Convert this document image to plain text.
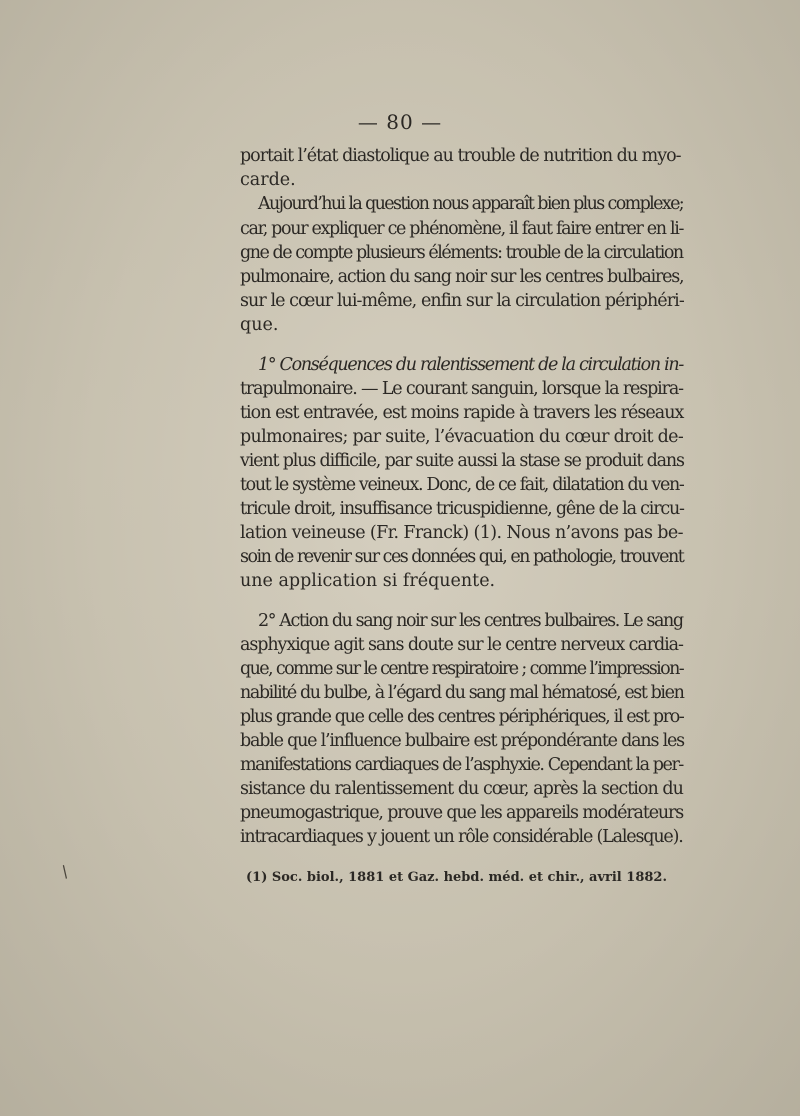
— 80 —
portait l’état diastolique au trouble de nutrition du myo-
carde.
Aujourd’hui la question nous apparaît bien plus complexe;
car, pour expliquer ce phénomène, il faut faire entrer en li-
gne de compte plusieurs éléments: trouble de la circulation
pulmonaire, action du sang noir sur les centres bulbaires,
sur le cœur lui-même, enfin sur la circulation périphéri-
que.
1° Conséquences du ralentissement de la circulation in-
trapulmonaire. — Le courant sanguin, lorsque la respira-
tion est entravée, est moins rapide à travers les réseaux
pulmonaires; par suite, l’évacuation du cœur droit de-
vient plus difficile, par suite aussi la stase se produit dans
tout le système veineux. Donc, de ce fait, dilatation du ven-
tricule droit, insuffisance tricuspidienne, gêne de la circu-
lation veineuse (Fr. Franck) (1). Nous n’avons pas be-
soin de revenir sur ces données qui, en pathologie, trouvent
une application si fréquente.
2° Action du sang noir sur les centres bulbaires. Le sang
asphyxique agit sans doute sur le centre nerveux cardia-
que, comme sur le centre respiratoire ; comme l’impression-
nabilité du bulbe, à l’égard du sang mal hématosé, est bien
plus grande que celle des centres périphériques, il est pro-
bable que l’influence bulbaire est prépondérante dans les
manifestations cardiaques de l’asphyxie. Cependant la per-
sistance du ralentissement du cœur, après la section du
pneumogastrique, prouve que les appareils modérateurs
intracardiaques y jouent un rôle considérable (Lalesque).
(1) Soc. biol., 1881 et Gaz. hebd. méd. et chir., avril 1882.
/
